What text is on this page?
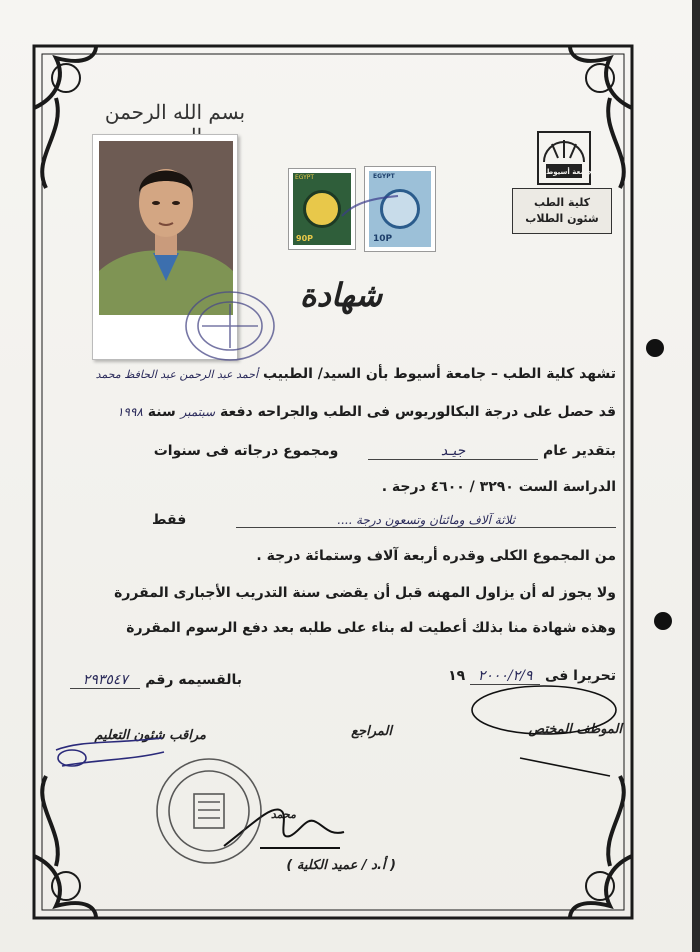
بسم الله الرحمن
EGYPT
90P
EGYPT
10P
جامعة أسيوط
كلية الطب
شئون الطلاب
شهادة
تشهد كلية الطب – جامعة أسيوط بأن السيد/ الطبيب أحمد عبد الرحمن عبد الحافظ محمد
قد حصل على درجة البكالوريوس فى الطب والجراحه دفعة سبتمبر سنة ١٩٩٨
بتقدير عام جيـد  ومجموع درجاته فى سنوات
الدراسة الست ٣٢٩٠ / ٤٦٠٠ درجة .
ثلاثة آلاف ومائتان وتسعون درجة ....  فقط
من المجموع الكلى وقدره أربعة آلاف وستمائة درجة .
ولا يجوز له أن يزاول المهنه قبل أن يقضى سنة التدريب الأجبارى المقررة
وهذه شهادة منا بذلك أعطيت له بناء على طلبه بعد دفع الرسوم المقررة
تحريرا فى ٢٠٠٠/٢/٩ ١٩
بالقسيمه رقم ٢٩٣٥٤٧
الموظف المختص
المراجع
مراقب شئون التعليم
( أ.د / عميد الكلية )
محمد
